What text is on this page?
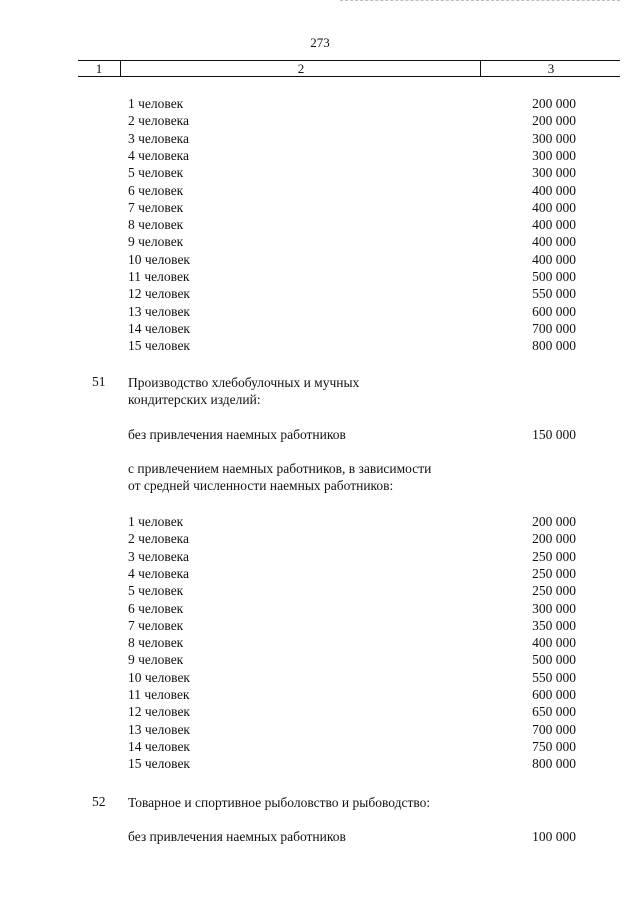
273
1	2	3
1 человек	200 000
2 человека	200 000
3 человека	300 000
4 человека	300 000
5 человек	300 000
6 человек	400 000
7 человек	400 000
8 человек	400 000
9 человек	400 000
10 человек	400 000
11 человек	500 000
12 человек	550 000
13 человек	600 000
14 человек	700 000
15 человек	800 000
51 Производство хлебобулочных и мучных
кондитерских изделий:
без привлечения наемных работников	150 000
с привлечением наемных работников, в зависимости
от средней численности наемных работников:
1 человек	200 000
2 человека	200 000
3 человека	250 000
4 человека	250 000
5 человек	250 000
6 человек	300 000
7 человек	350 000
8 человек	400 000
9 человек	500 000
10 человек	550 000
11 человек	600 000
12 человек	650 000
13 человек	700 000
14 человек	750 000
15 человек	800 000
52 Товарное и спортивное рыболовство и рыбоводство:
без привлечения наемных работников	100 000
